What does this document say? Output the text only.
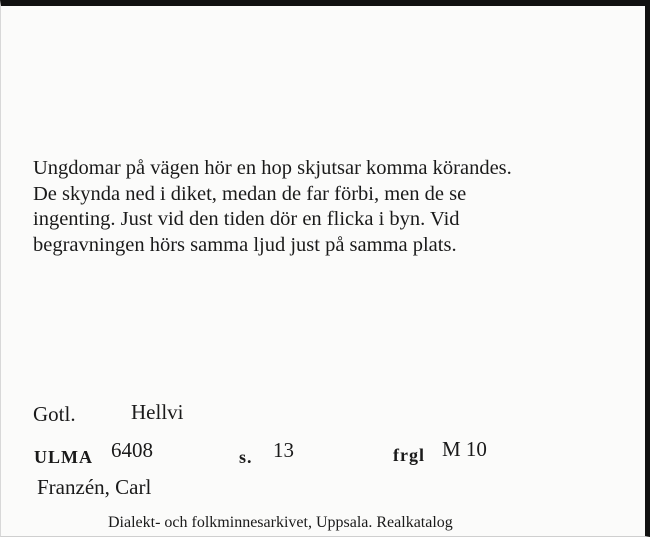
Ungdomar på vägen hör en hop skjutsar komma körandes.
De skynda ned i diket, medan de far förbi, men de se
ingenting. Just vid den tiden dör en flicka i byn. Vid
begravningen hörs samma ljud just på samma plats.

Gotl.	Hellvi
ULMA 6408	s. 13	frgl M 10
Franzén, Carl
Dialekt- och folkminnesarkivet, Uppsala. Realkatalog
